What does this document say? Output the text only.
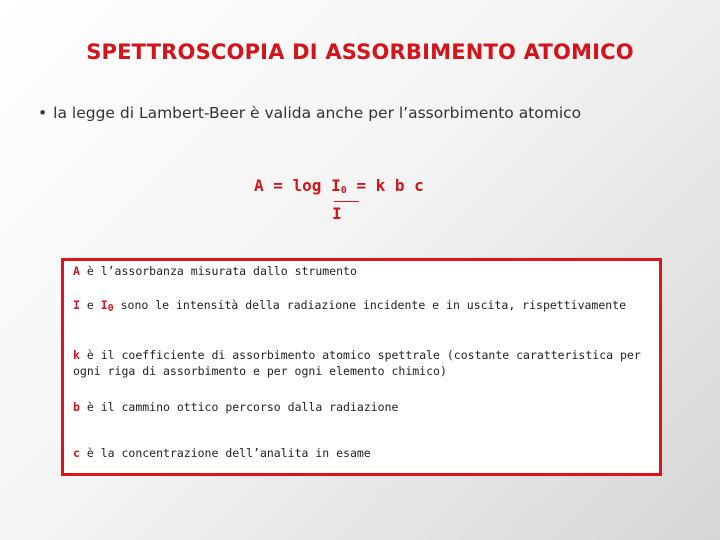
SPETTROSCOPIA DI ASSORBIMENTO ATOMICO
• la legge di Lambert-Beer è valida anche per l’assorbimento atomico
$A = \log I_0 = k$ b c
I
A è l’assorbanza misurata dallo strumento
I e $I_0$ sono le intensità della radiazione incidente e in uscita, rispettivamente
k è il coefficiente di assorbimento atomico spettrale (costante caratteristica per ogni riga di assorbimento e per ogni elemento chimico)
b è il cammino ottico percorso dalla radiazione
c è la concentrazione dell’analita in esame
